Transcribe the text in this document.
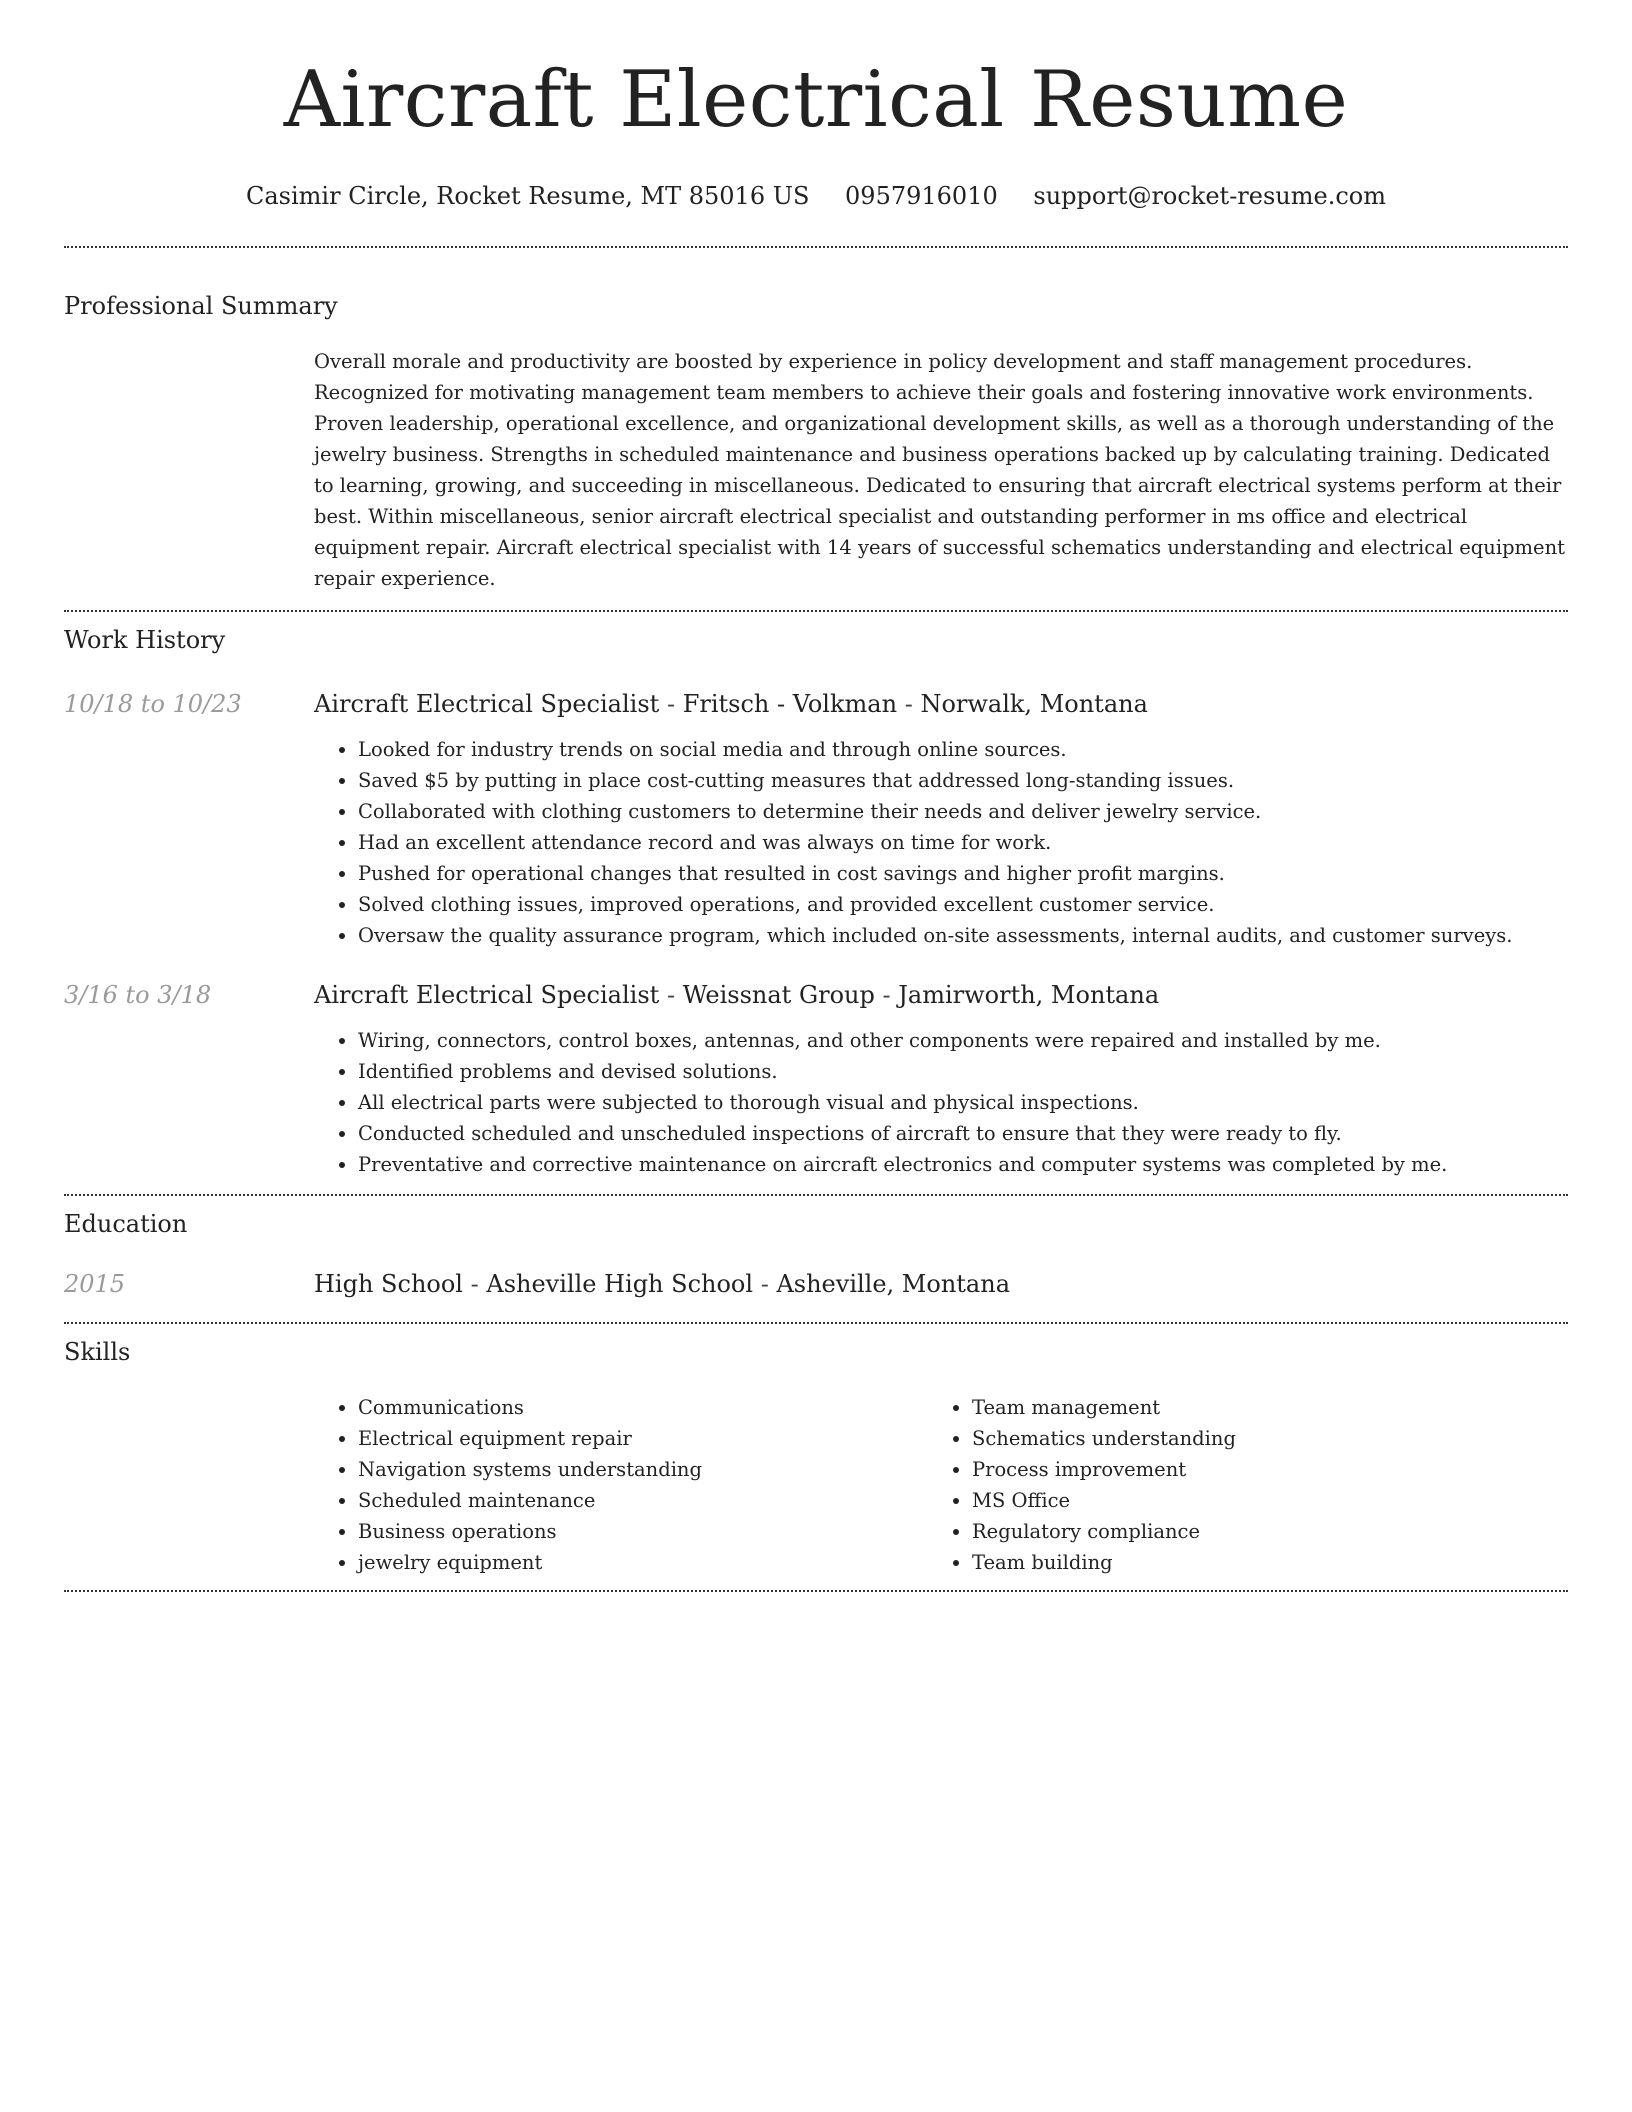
Aircraft Electrical Resume
Casimir Circle, Rocket Resume, MT 85016 US 0957916010 support@rocket-resume.com
Professional Summary

Overall morale and productivity are boosted by experience in policy development and staff management procedures. Recognized for motivating management team members to achieve their goals and fostering innovative work environments. Proven leadership, operational excellence, and organizational development skills, as well as a thorough understanding of the jewelry business. Strengths in scheduled maintenance and business operations backed up by calculating training. Dedicated to learning, growing, and succeeding in miscellaneous. Dedicated to ensuring that aircraft electrical systems perform at their best. Within miscellaneous, senior aircraft electrical specialist and outstanding performer in ms office and electrical equipment repair. Aircraft electrical specialist with 14 years of successful schematics understanding and electrical equipment repair experience.

Work History
10/18 to 10/23	Aircraft Electrical Specialist - Fritsch - Volkman - Norwalk, Montana
• Looked for industry trends on social media and through online sources.
• Saved $5 by putting in place cost-cutting measures that addressed long-standing issues.
• Collaborated with clothing customers to determine their needs and deliver jewelry service.
• Had an excellent attendance record and was always on time for work.
• Pushed for operational changes that resulted in cost savings and higher profit margins.
• Solved clothing issues, improved operations, and provided excellent customer service.
• Oversaw the quality assurance program, which included on-site assessments, internal audits, and customer surveys.
3/16 to 3/18	Aircraft Electrical Specialist - Weissnat Group - Jamirworth, Montana
• Wiring, connectors, control boxes, antennas, and other components were repaired and installed by me.
• Identified problems and devised solutions.
• All electrical parts were subjected to thorough visual and physical inspections.
• Conducted scheduled and unscheduled inspections of aircraft to ensure that they were ready to fly.
• Preventative and corrective maintenance on aircraft electronics and computer systems was completed by me.
Education
2015	High School - Asheville High School - Asheville, Montana
Skills
• Communications
• Electrical equipment repair
• Navigation systems understanding
• Scheduled maintenance
• Business operations
• jewelry equipment
• Team management
• Schematics understanding
• Process improvement
• MS Office
• Regulatory compliance
• Team building
